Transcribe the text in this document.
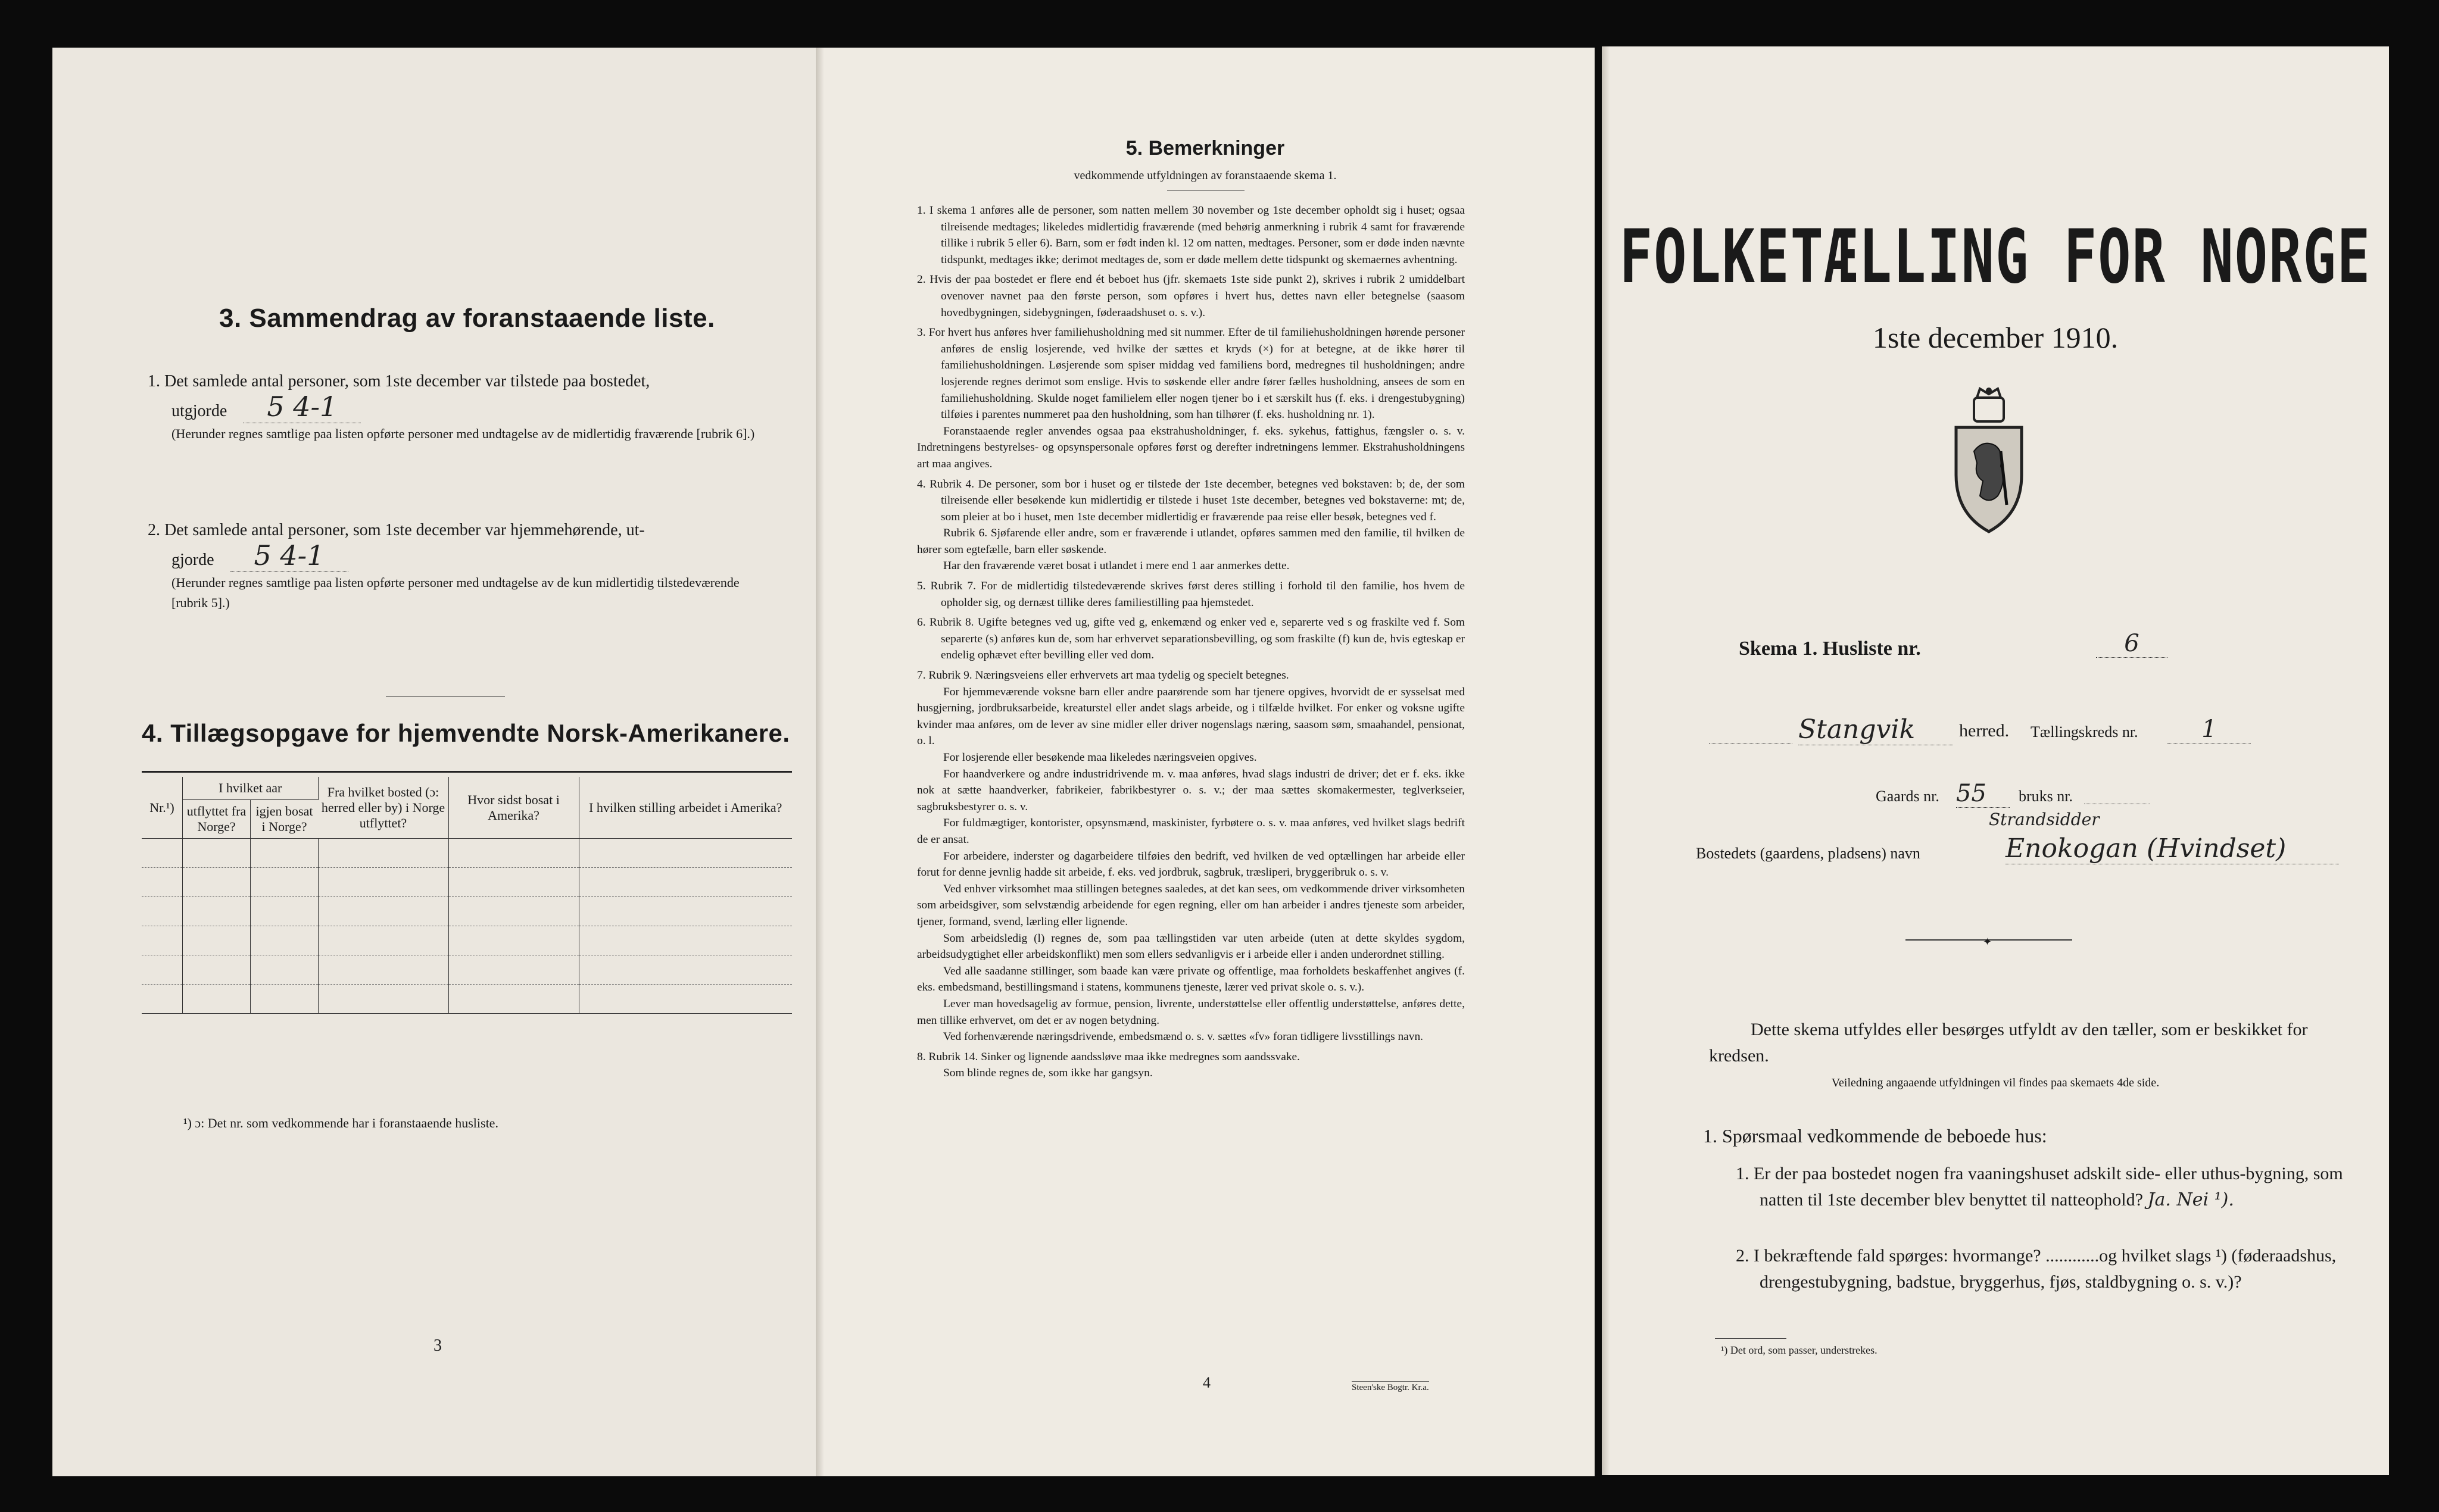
3. Sammendrag av foranstaaende liste.
1. Det samlede antal personer, som 1ste december var tilstede paa bostedet,
utgjorde 5 4-1
(Herunder regnes samtlige paa listen opførte personer med undtagelse av de midlertidig fraværende [rubrik 6].)
2. Det samlede antal personer, som 1ste december var hjemmehørende, ut-
gjorde 5 4-1
(Herunder regnes samtlige paa listen opførte personer med undtagelse av de kun midlertidig tilstedeværende [rubrik 5].)
4. Tillægsopgave for hjemvendte Norsk-Amerikanere.
Nr.¹)	I hvilket aar		Fra hvilket bosted (ɔ: herred eller by) i Norge utflyttet?	Hvor sidst bosat i Amerika?	I hvilken stilling arbeidet i Amerika?
	utflyttet fra Norge?	igjen bosat i Norge?			

¹) ɔ: Det nr. som vedkommende har i foranstaaende husliste.
3
5. Bemerkninger
vedkommende utfyldningen av foranstaaende skema 1.

1. I skema 1 anføres alle de personer, som natten mellem 30 november og 1ste december opholdt sig i huset; ogsaa tilreisende medtages; likeledes midlertidig fraværende (med behørig anmerkning i rubrik 4 samt for fraværende tillike i rubrik 5 eller 6). Barn, som er født inden kl. 12 om natten, medtages. Personer, som er døde inden nævnte tidspunkt, medtages ikke; derimot medtages de, som er døde mellem dette tidspunkt og skemaernes avhentning.

2. Hvis der paa bostedet er flere end ét beboet hus (jfr. skemaets 1ste side punkt 2), skrives i rubrik 2 umiddelbart ovenover navnet paa den første person, som opføres i hvert hus, dettes navn eller betegnelse (saasom hovedbygningen, sidebygningen, føderaadshuset o. s. v.).

3. For hvert hus anføres hver familiehusholdning med sit nummer. Efter de til familiehusholdningen hørende personer anføres de enslig losjerende, ved hvilke der sættes et kryds (×) for at betegne, at de ikke hører til familiehusholdningen. Løsjerende som spiser middag ved familiens bord, medregnes til husholdningen; andre losjerende regnes derimot som enslige. Hvis to søskende eller andre fører fælles husholdning, ansees de som en familiehusholdning. Skulde noget familielem eller nogen tjener bo i et særskilt hus (f. eks. i drengestubygning) tilføies i parentes nummeret paa den husholdning, som han tilhører (f. eks. husholdning nr. 1).

Foranstaaende regler anvendes ogsaa paa ekstrahusholdninger, f. eks. sykehus, fattighus, fængsler o. s. v. Indretningens bestyrelses- og opsynspersonale opføres først og derefter indretningens lemmer. Ekstrahusholdningens art maa angives.

4. Rubrik 4. De personer, som bor i huset og er tilstede der 1ste december, betegnes ved bokstaven: b; de, der som tilreisende eller besøkende kun midlertidig er tilstede i huset 1ste december, betegnes ved bokstaverne: mt; de, som pleier at bo i huset, men 1ste december midlertidig er fraværende paa reise eller besøk, betegnes ved f.

Rubrik 6. Sjøfarende eller andre, som er fraværende i utlandet, opføres sammen med den familie, til hvilken de hører som egtefælle, barn eller søskende.

Har den fraværende været bosat i utlandet i mere end 1 aar anmerkes dette.

5. Rubrik 7. For de midlertidig tilstedeværende skrives først deres stilling i forhold til den familie, hos hvem de opholder sig, og dernæst tillike deres familiestilling paa hjemstedet.

6. Rubrik 8. Ugifte betegnes ved ug, gifte ved g, enkemænd og enker ved e, separerte ved s og fraskilte ved f. Som separerte (s) anføres kun de, som har erhvervet separationsbevilling, og som fraskilte (f) kun de, hvis egteskap er endelig ophævet efter bevilling eller ved dom.

7. Rubrik 9. Næringsveiens eller erhvervets art maa tydelig og specielt betegnes.

For hjemmeværende voksne barn eller andre paarørende som har tjenere opgives, hvorvidt de er sysselsat med husgjerning, jordbruksarbeide, kreaturstel eller andet slags arbeide, og i tilfælde hvilket. For enker og voksne ugifte kvinder maa anføres, om de lever av sine midler eller driver nogenslags næring, saasom søm, smaahandel, pensionat, o. l.

For losjerende eller besøkende maa likeledes næringsveien opgives.

For haandverkere og andre industridrivende m. v. maa anføres, hvad slags industri de driver; det er f. eks. ikke nok at sætte haandverker, fabrikeier, fabrikbestyrer o. s. v.; der maa sættes skomakermester, teglverkseier, sagbruksbestyrer o. s. v.

For fuldmægtiger, kontorister, opsynsmænd, maskinister, fyrbøtere o. s. v. maa anføres, ved hvilket slags bedrift de er ansat.

For arbeidere, inderster og dagarbeidere tilføies den bedrift, ved hvilken de ved optællingen har arbeide eller forut for denne jevnlig hadde sit arbeide, f. eks. ved jordbruk, sagbruk, træsliperi, bryggeribruk o. s. v.

Ved enhver virksomhet maa stillingen betegnes saaledes, at det kan sees, om vedkommende driver virksomheten som arbeidsgiver, som selvstændig arbeidende for egen regning, eller om han arbeider i andres tjeneste som arbeider, tjener, formand, svend, lærling eller lignende.

Som arbeidsledig (l) regnes de, som paa tællingstiden var uten arbeide (uten at dette skyldes sygdom, arbeidsudygtighet eller arbeidskonflikt) men som ellers sedvanligvis er i arbeide eller i anden underordnet stilling.

Ved alle saadanne stillinger, som baade kan være private og offentlige, maa forholdets beskaffenhet angives (f. eks. embedsmand, bestillingsmand i statens, kommunens tjeneste, lærer ved privat skole o. s. v.).

Lever man hovedsagelig av formue, pension, livrente, understøttelse eller offentlig understøttelse, anføres dette, men tillike erhvervet, om det er av nogen betydning.

Ved forhenværende næringsdrivende, embedsmænd o. s. v. sættes «fv» foran tidligere livsstillings navn.

8. Rubrik 14. Sinker og lignende aandssløve maa ikke medregnes som aandssvake.

Som blinde regnes de, som ikke har gangsyn.

4	Steen'ske Bogtr. Kr.a.
FOLKETÆLLING FOR NORGE
1ste december 1910.
Skema 1. Husliste nr.	6
Stangvik	herred. Tællingskreds nr.	1
Gaards nr. 55	bruks nr.
Strandsidder
Bostedets (gaardens, pladsens) navn	Enokogan (Hvindset)
✦
Dette skema utfyldes eller besørges utfyldt av den tæller, som er beskikket for kredsen.
Veiledning angaaende utfyldningen vil findes paa skemaets 4de side.
1. Spørsmaal vedkommende de beboede hus:
1. Er der paa bostedet nogen fra vaaningshuset adskilt side- eller uthus-bygning, som natten til 1ste december blev benyttet til natteophold? Ja. Nei ¹).
2. I bekræftende fald spørges: hvormange? ............og hvilket slags ¹) (føderaadshus, drengestubygning, badstue, bryggerhus, fjøs, staldbygning o. s. v.)?
¹) Det ord, som passer, understrekes.
